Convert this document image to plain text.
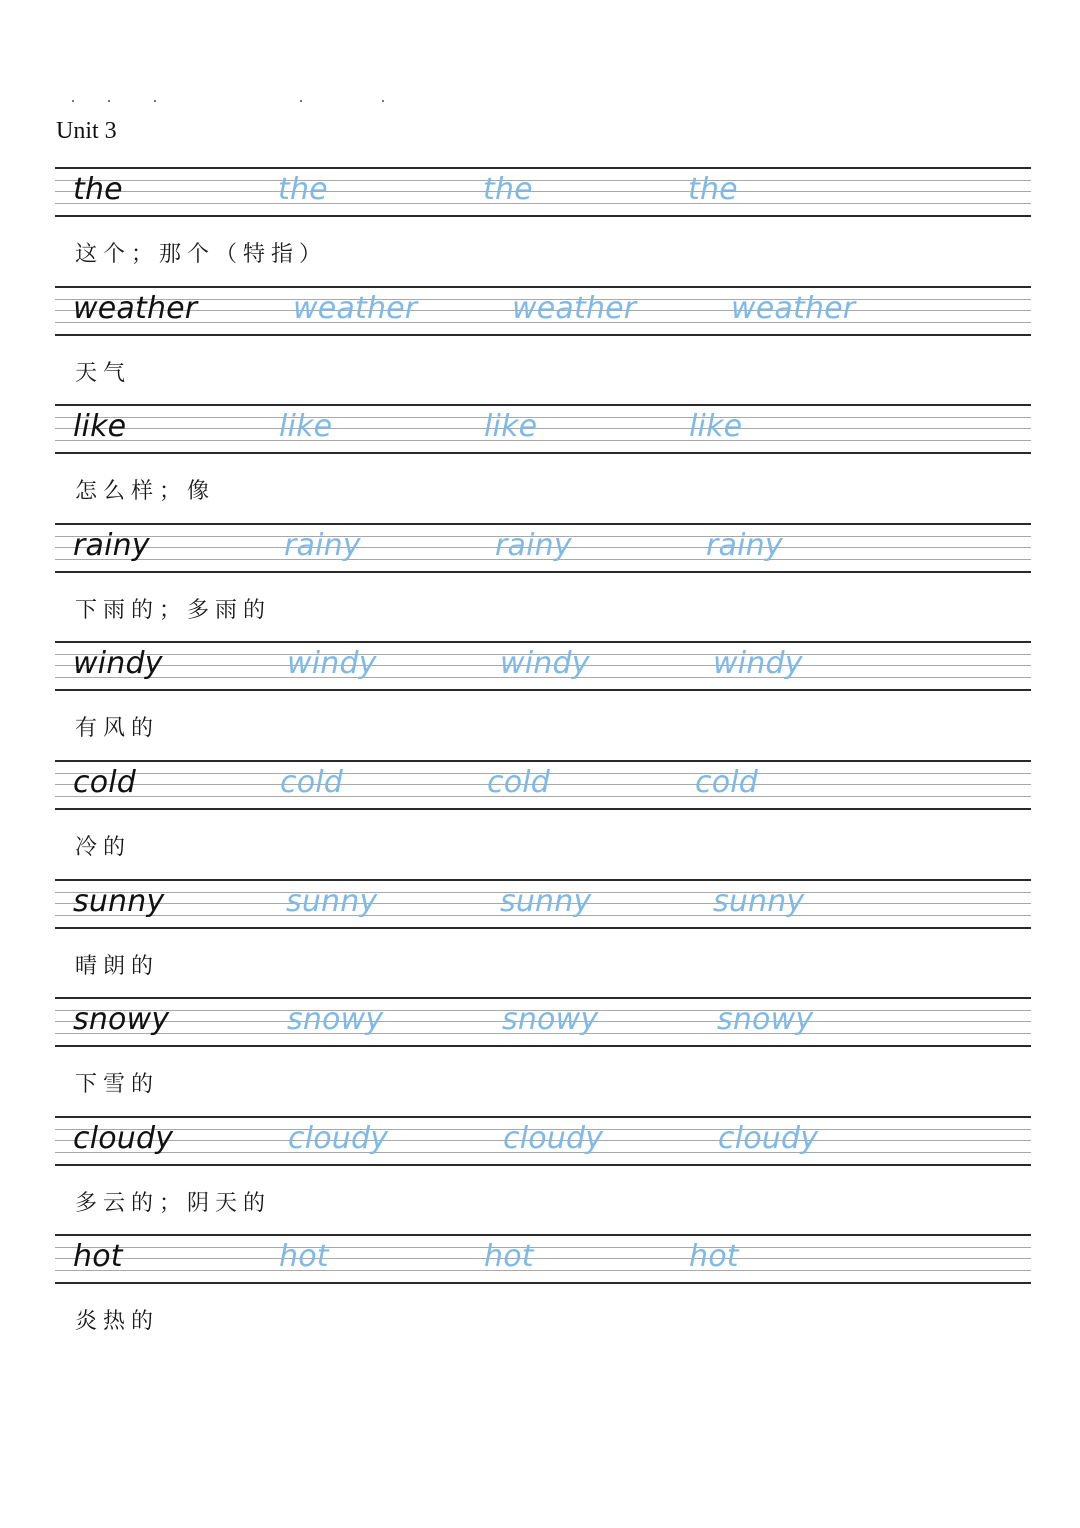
Unit 3
the	the	the	the
这个；那个（特指）
weather	weather	weather	weather
天气
like	like	like	like
怎么样；像
rainy	rainy	rainy	rainy
下雨的；多雨的
windy	windy	windy	windy
有风的
cold	cold	cold	cold
冷的
sunny	sunny	sunny	sunny
晴朗的
snowy	snowy	snowy	snowy
下雪的
cloudy	cloudy	cloudy	cloudy
多云的；阴天的
hot	hot	hot	hot
炎热的
